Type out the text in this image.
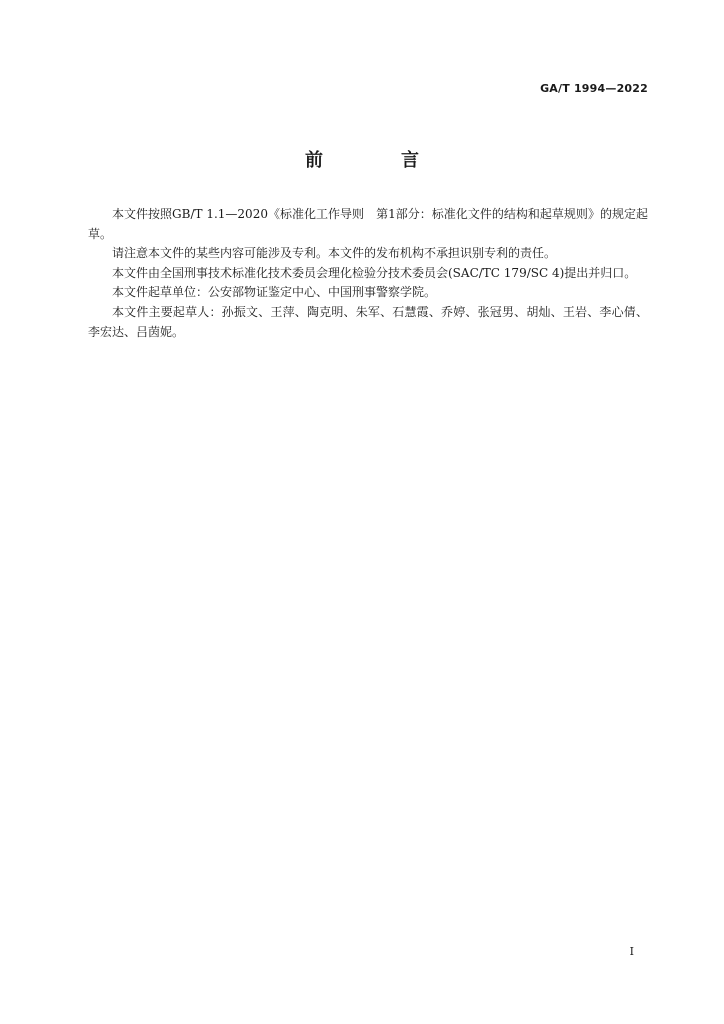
GA/T 1994—2022
前　言

本文件按照GB/T 1.1—2020《标准化工作导则　第1部分：标准化文件的结构和起草规则》的规定起草。

请注意本文件的某些内容可能涉及专利。本文件的发布机构不承担识别专利的责任。

本文件由全国刑事技术标准化技术委员会理化检验分技术委员会(SAC/TC 179/SC 4)提出并归口。

本文件起草单位：公安部物证鉴定中心、中国刑事警察学院。

本文件主要起草人：孙振文、王萍、陶克明、朱军、石慧霞、乔婷、张冠男、胡灿、王岩、李心倩、李宏达、吕茵妮。

I
